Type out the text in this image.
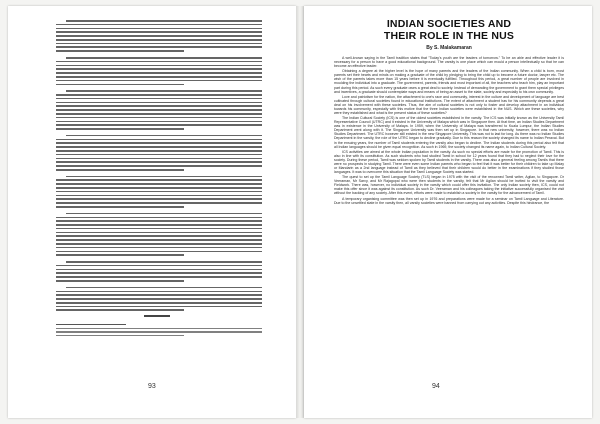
93
INDIAN SOCIETIES AND
THEIR ROLE IN THE NUS
By S. Malakamaran

A well-known saying in the Tamil tradition states that "Today's youth are the leaders of tomorrow." To be an able and effective leader it is necessary for a person to have a good educational background. The varsity is one place which can mould a person intellectually so that he can become an effective leader.

Obtaining a degree at the higher level is the hope of many parents and the leaders of the Indian community. When a child is born, most parents set their hearts and minds on making a graduate of the child by pledging to bring the child up to become a future doctor, lawyer etc. The wish of the parents takes more than 15 years before it is eventually fulfilled. Throughout this period, a great number of people are involved in moulding the individual into a graduate. The government, parents, friends and most important of all, the teachers who teach him, play an important part during this period. As such every graduate owes a great deal to society. Instead of demanding the government to grant them special privileges and incentives, a graduate should contemplate ways and means of being an asset to the state, society and especially to his own community.

Love and patriotism for the nation, the attachment to one's race and community, interest in the culture and development of language are best cultivated through cultural societies found in educational institutions. The extent of attachment a student has for his community depends a great deal on his involvement with these societies. Thus, the aim of cultural societies is not only to foster and develop attachment in an individual towards his community, especially with this motive that the three Indian societies were established in the NUS. Which are these societies, why were they established and what is the present status of these societies?

The Indian Cultural Society (ICS) is one of the oldest societies established in the varsity. The ICS was initially known as the University Tamil Representative Council (UTRC) and it existed in the University of Malaya which was in Singapore then. At that time, an Indian Studies Department was in existence in the University of Malaya. In 1959, when the University of Malaya was transferred to Kuala Lumpur, the Indian Studies Department went along with it. The Singapore University was then set up in Singapore. In that new university, however, there was no Indian Studies Department. The UTRC however still existed in the new Singapore University. This was not to last for long. As there was no Indian Studies Department in the varsity, the role of the UTRC began to decline gradually. Due to this reason the society changed its name to Indian Peravai. But in the ensuing years, the number of Tamil students entering the varsity also began to decline. The Indian students during this period also felt that all Indian languages should be given equal recognition. As such in 1969, the society changed its name again, to Indian Cultural Society.

ICS activities are aimed at the whole Indian population in the varsity. As such no special efforts are made for the promotion of Tamil. This is also in line with its constitution. As such students who had studied Tamil in school for 12 years found that they had to neglect their love for the society. During these period, Tamil was seldom spoken by Tamil students in the varsity. There was also a general feeling among Tamils that there were no prospects in studying Tamil. There were even some Indian parents who began to feel that it was better for their children to take up Malay or Mandarin as a 2nd language instead of Tamil as they believed that their children would do better in the examinations if they studied those languages. It was to overcome this situation that the Tamil Language Society was started.

The quest to set up the Tamil Language Society (TLS) began in 1975 with the visit of the renowned Tamil writer, Agilan, to Singapore. Dr Veeraman, Mr Sarvy, and Mr Rajagopal who were then students in the varsity, felt that Mr Agilan should be invited to visit the varsity and Fieldwork. There was, however, no individual society in the varsity which could offer this invitation. The only Indian society then, ICS, could not make this offer since it was against its constitution. As such Dr. Veeraman and his colleagues taking the initiative successfully organised the visit without the backing of any society. After this event, efforts were made to establish a society in the varsity for the advancement of Tamil.

A temporary organising committee was then set up in 1976 and preparations were made for a seminar on Tamil Language and Literature. Due to the unsettled state in the varsity then, all varsity societies were banned from carrying out any activities. Despite this hindrance, the

94
